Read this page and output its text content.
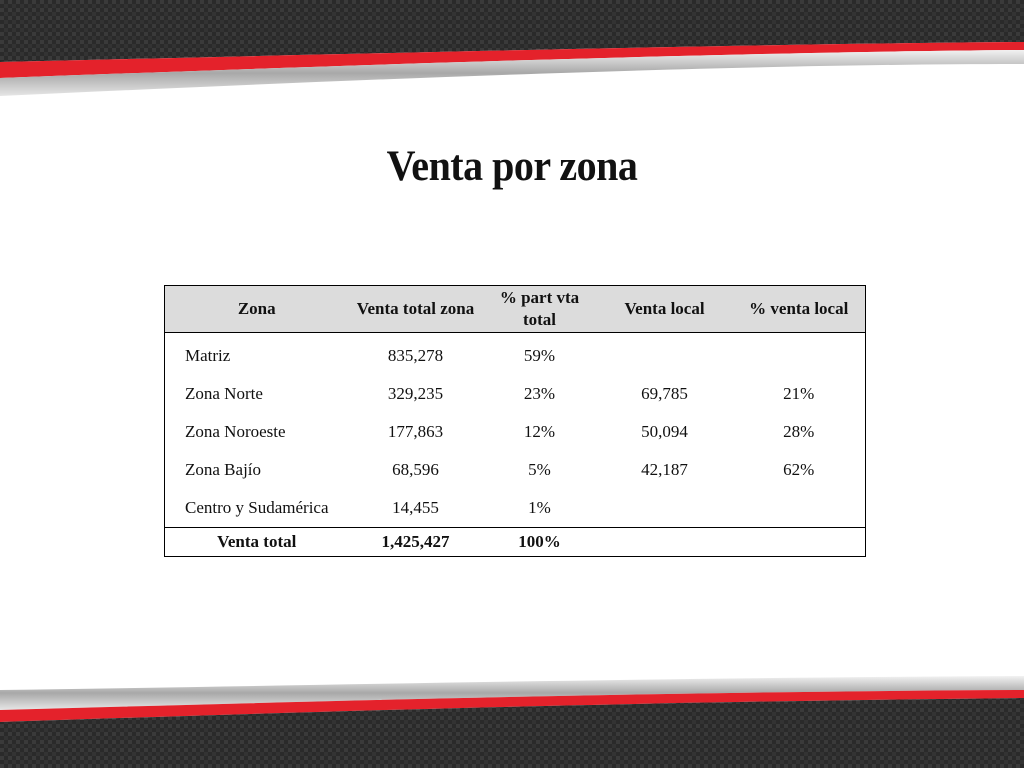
Venta por zona
Zona	Venta total zona	% part vta total	Venta local	% venta local
Matriz	835,278	59%		
Zona Norte	329,235	23%	69,785	21%
Zona Noroeste	177,863	12%	50,094	28%
Zona Bajío	68,596	5%	42,187	62%
Centro y Sudamérica	14,455	1%		
Venta total	1,425,427	100%		
